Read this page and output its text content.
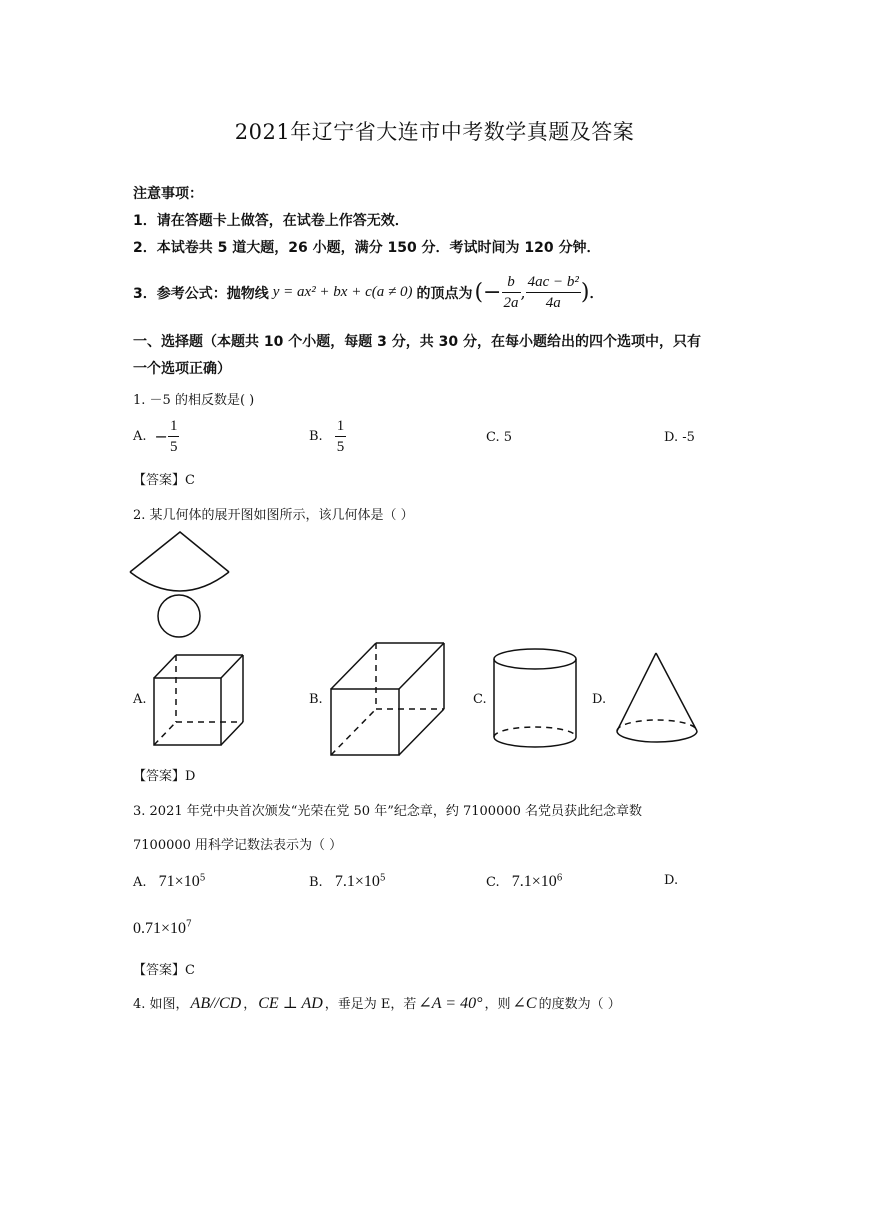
2021年辽宁省大连市中考数学真题及答案
注意事项：
1．请在答题卡上做答，在试卷上作答无效．
2．本试卷共 5 道大题，26 小题，满分 150 分．考试时间为 120 分钟．
3．参考公式：抛物线 y = ax² + bx + c(a ≠ 0) 的顶点为 (− $\frac{b}{2a}$ , $\frac{\text{4ac − b²}}{4a}$ ) ．
一、选择题（本题共 10 个小题，每题 3 分，共 30 分，在每小题给出的四个选项中，只有
一个选项正确）
1. －5 的相反数是( )
A. − $\frac{1}{5}$	B. $\frac{1}{5}$	C. 5	D. -5
【答案】C
2. 某几何体的展开图如图所示，该几何体是（ ）
A.	B.	C.	D.
【答案】D
3. 2021 年党中央首次颁发“光荣在党 50 年”纪念章，约 7100000 名党员获此纪念章数
7100000 用科学记数法表示为（ ）
A. $71\times 10^5$	B. $7.1\times 10^5$	C. $7.1\times 10^6$	D.
$0.71\times 10^7$
【答案】C
4. 如图， AB//CD ， CE ⊥ AD ，垂足为 E，若 ∠A = 40° ，则 ∠C 的度数为（ ）
